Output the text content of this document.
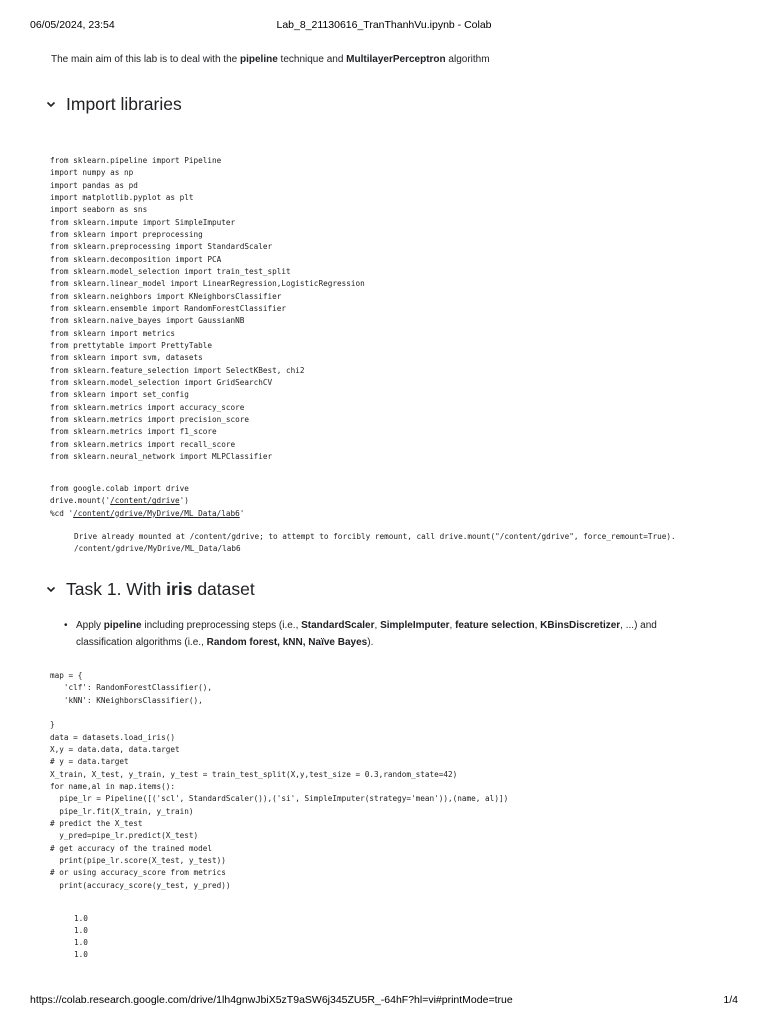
06/05/2024, 23:54	Lab_8_21130616_TranThanhVu.ipynb - Colab
The main aim of this lab is to deal with the pipeline technique and MultilayerPerceptron algorithm
Import libraries
from sklearn.pipeline import Pipeline
import numpy as np
import pandas as pd
import matplotlib.pyplot as plt
import seaborn as sns
from sklearn.impute import SimpleImputer
from sklearn import preprocessing
from sklearn.preprocessing import StandardScaler
from sklearn.decomposition import PCA
from sklearn.model_selection import train_test_split
from sklearn.linear_model import LinearRegression,LogisticRegression
from sklearn.neighbors import KNeighborsClassifier
from sklearn.ensemble import RandomForestClassifier
from sklearn.naive_bayes import GaussianNB
from sklearn import metrics
from prettytable import PrettyTable
from sklearn import svm, datasets
from sklearn.feature_selection import SelectKBest, chi2
from sklearn.model_selection import GridSearchCV
from sklearn import set_config
from sklearn.metrics import accuracy_score
from sklearn.metrics import precision_score
from sklearn.metrics import f1_score
from sklearn.metrics import recall_score
from sklearn.neural_network import MLPClassifier
from google.colab import drive
drive.mount('/content/gdrive')
%cd '/content/gdrive/MyDrive/ML_Data/lab6'
Drive already mounted at /content/gdrive; to attempt to forcibly remount, call drive.mount("/content/gdrive", force_remount=True).
/content/gdrive/MyDrive/ML_Data/lab6
Task 1. With iris dataset
• Apply pipeline including preprocessing steps (i.e., StandardScaler, SimpleImputer, feature selection, KBinsDiscretizer, ...) and
classification algorithms (i.e., Random forest, kNN, Naïve Bayes).
map = {
'clf': RandomForestClassifier(),
'kNN': KNeighborsClassifier(),

}
data = datasets.load_iris()
X,y = data.data, data.target
# y = data.target
X_train, X_test, y_train, y_test = train_test_split(X,y,test_size = 0.3,random_state=42)
for name,al in map.items():
pipe_lr = Pipeline([('scl', StandardScaler()),('si', SimpleImputer(strategy='mean')),(name, al)])
pipe_lr.fit(X_train, y_train)
# predict the X_test
y_pred=pipe_lr.predict(X_test)
# get accuracy of the trained model
print(pipe_lr.score(X_test, y_test))
# or using accuracy_score from metrics
print(accuracy_score(y_test, y_pred))
1.0
1.0
1.0
1.0
https://colab.research.google.com/drive/1lh4gnwJbiX5zT9aSW6j345ZU5R_-64hF?hl=vi#printMode=true	1/4
